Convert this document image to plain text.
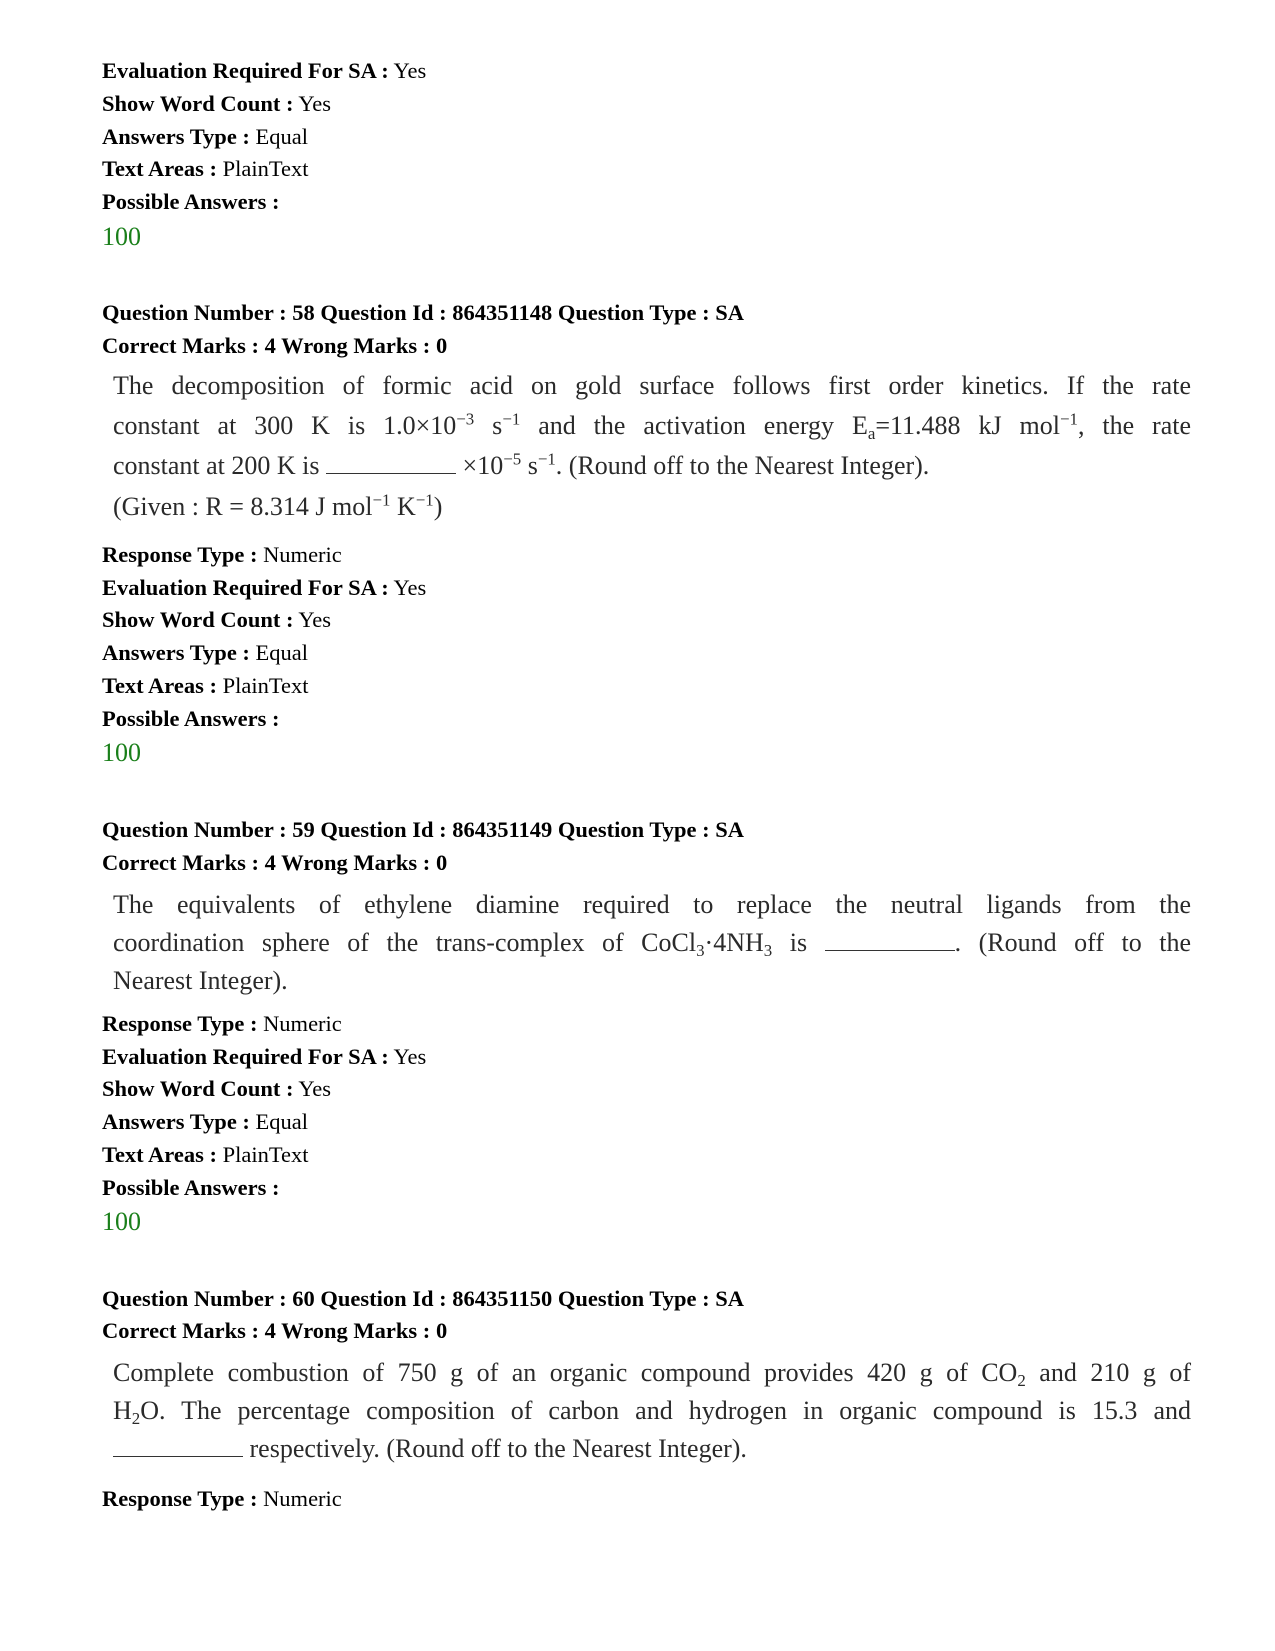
Evaluation Required For SA : Yes
Show Word Count : Yes
Answers Type : Equal
Text Areas : PlainText
Possible Answers :
100
Question Number : 58 Question Id : 864351148 Question Type : SA
Correct Marks : 4 Wrong Marks : 0
The decomposition of formic acid on gold surface follows first order kinetics. If the rate
constant at 300 K is $1.0\times 10^{-3}$ $s^{-1}$ and the activation energy $E_a=11.488$ kJ mol$^{-1}$, the rate
constant at 200 K is	$\times 10^{-5}$ $s^{-1}$. (Round off to the Nearest Integer).
(Given : R = 8.314 J mol$^{-1}$ $K^{-1}$)
Response Type : Numeric
Evaluation Required For SA : Yes
Show Word Count : Yes
Answers Type : Equal
Text Areas : PlainText
Possible Answers :
100
Question Number : 59 Question Id : 864351149 Question Type : SA
Correct Marks : 4 Wrong Marks : 0
The equivalents of ethylene diamine required to replace the neutral ligands from the
coordination sphere of the trans-complex of $CoCl_3\cdot 4NH_3$ is	. (Round off to the
Nearest Integer).
Response Type : Numeric
Evaluation Required For SA : Yes
Show Word Count : Yes
Answers Type : Equal
Text Areas : PlainText
Possible Answers :
100
Question Number : 60 Question Id : 864351150 Question Type : SA
Correct Marks : 4 Wrong Marks : 0
Complete combustion of 750 g of an organic compound provides 420 g of $CO_2$ and 210 g of
$H_2O$. The percentage composition of carbon and hydrogen in organic compound is 15.3 and
respectively. (Round off to the Nearest Integer).
Response Type : Numeric
